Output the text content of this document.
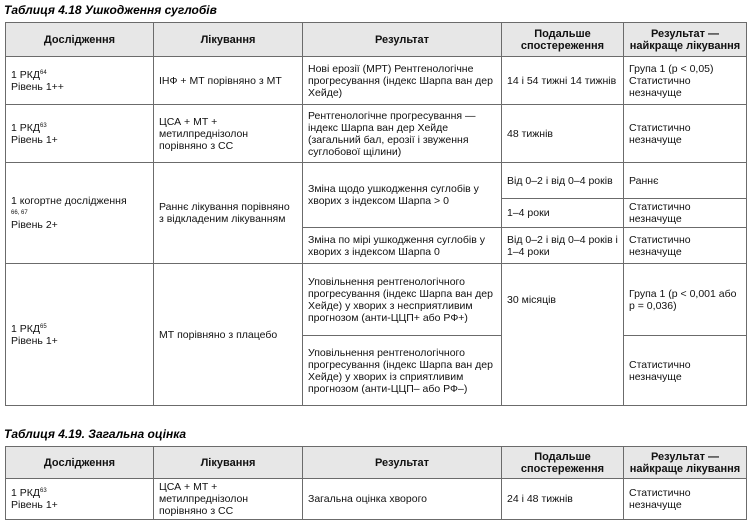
Таблиця 4.18 Ушкодження суглобів
Дослідження	Лікування	Результат	Подальше спостереження	Результат — найкраще лікування
1 РКД$^{64}$
Рівень 1++	ІНФ + МТ порівняно з МТ	Нові ерозії (МРТ) Рентгенологічне прогресування (індекс Шарпа ван дер Хейде)	14 і 54 тижні 14 тижнів	Група 1 (р < 0,05) Статистично незначуще
1 РКД$^{63}$
Рівень 1+	ЦСА + МТ + метилпреднізолон порівняно з СС	Рентгенологічне прогресування — індекс Шарпа ван дер Хейде (загальний бал, ерозії і звуження суглобової щілини)	48 тижнів	Статистично незначуще
1 когортне дослідження
$^{66, 67}$
Рівень 2+	Раннє лікування порівняно з відкладеним лікуванням	Зміна щодо ушкодження суглобів у хворих з індексом Шарпа > 0	Від 0–2 і від 0–4 років	Раннє
			1–4 роки	Статистично незначуще
		Зміна по мірі ушкодження суглобів у хворих з індексом Шарпа 0	Від 0–2 і від 0–4 років і 1–4 роки	Статистично незначуще
1 РКД$^{65}$
Рівень 1+	МТ порівняно з плацебо	Уповільнення рентгенологічного прогресування (індекс Шарпа ван дер Хейде) у хворих з несприятливим прогнозом (анти-ЦЦП+ або РФ+)	30 місяців	Група 1 (р < 0,001 або р = 0,036)
		Уповільнення рентгенологічного прогресування (індекс Шарпа ван дер Хейде) у хворих із сприятливим прогнозом (анти-ЦЦП– або РФ–)		Статистично незначуще
Таблиця 4.19. Загальна оцінка
Дослідження	Лікування	Результат	Подальше спостереження	Результат — найкраще лікування
1 РКД$^{63}$
Рівень 1+	ЦСА + МТ + метилпреднізолон порівняно з СС	Загальна оцінка хворого	24 і 48 тижнів	Статистично незначуще
